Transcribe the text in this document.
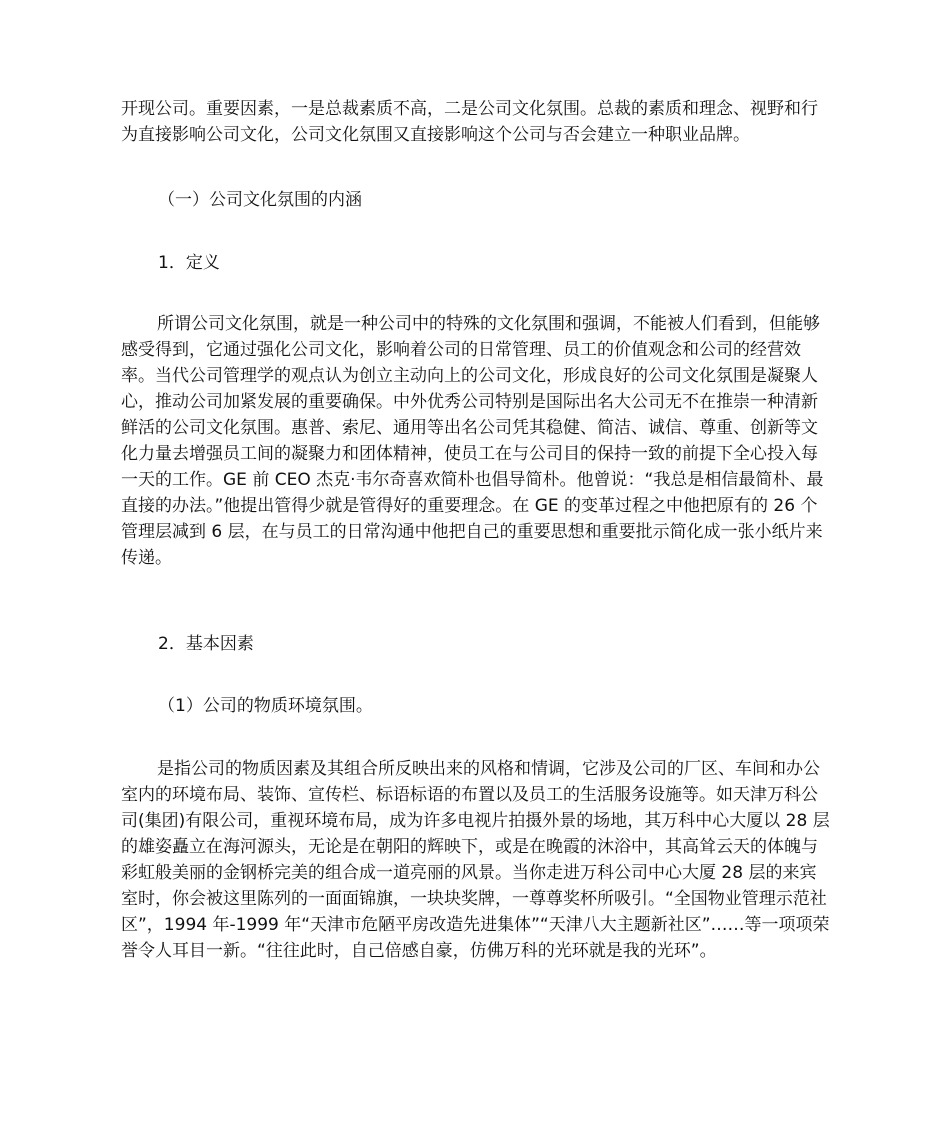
开现公司。重要因素，一是总裁素质不高，二是公司文化氛围。总裁的素质和理念、视野和行为直接影响公司文化，公司文化氛围又直接影响这个公司与否会建立一种职业品牌。

（一）公司文化氛围的内涵
1．定义

所谓公司文化氛围，就是一种公司中的特殊的文化氛围和强调，不能被人们看到，但能够感受得到，它通过强化公司文化，影响着公司的日常管理、员工的价值观念和公司的经营效率。当代公司管理学的观点认为创立主动向上的公司文化，形成良好的公司文化氛围是凝聚人心，推动公司加紧发展的重要确保。中外优秀公司特别是国际出名大公司无不在推崇一种清新鲜活的公司文化氛围。惠普、索尼、通用等出名公司凭其稳健、简洁、诚信、尊重、创新等文化力量去增强员工间的凝聚力和团体精神，使员工在与公司目的保持一致的前提下全心投入每一天的工作。GE 前 CEO 杰克·韦尔奇喜欢简朴也倡导简朴。他曾说：“我总是相信最简朴、最直接的办法。”他提出管得少就是管得好的重要理念。在 GE 的变革过程之中他把原有的 26 个管理层减到 6 层，在与员工的日常沟通中他把自己的重要思想和重要批示简化成一张小纸片来传递。

2．基本因素
（1）公司的物质环境氛围。

是指公司的物质因素及其组合所反映出来的风格和情调，它涉及公司的厂区、车间和办公室内的环境布局、装饰、宣传栏、标语标语的布置以及员工的生活服务设施等。如天津万科公司(集团)有限公司，重视环境布局，成为许多电视片拍摄外景的场地，其万科中心大厦以 28 层的雄姿矗立在海河源头，无论是在朝阳的辉映下，或是在晚霞的沐浴中，其高耸云天的体魄与彩虹般美丽的金钢桥完美的组合成一道亮丽的风景。当你走进万科公司中心大厦 28 层的来宾室时，你会被这里陈列的一面面锦旗，一块块奖牌，一尊尊奖杯所吸引。“全国物业管理示范社区”，1994 年-1999 年“天津市危陋平房改造先进集体”“天津八大主题新社区”……等一项项荣誉令人耳目一新。“往往此时，自己倍感自豪，仿佛万科的光环就是我的光环”。
